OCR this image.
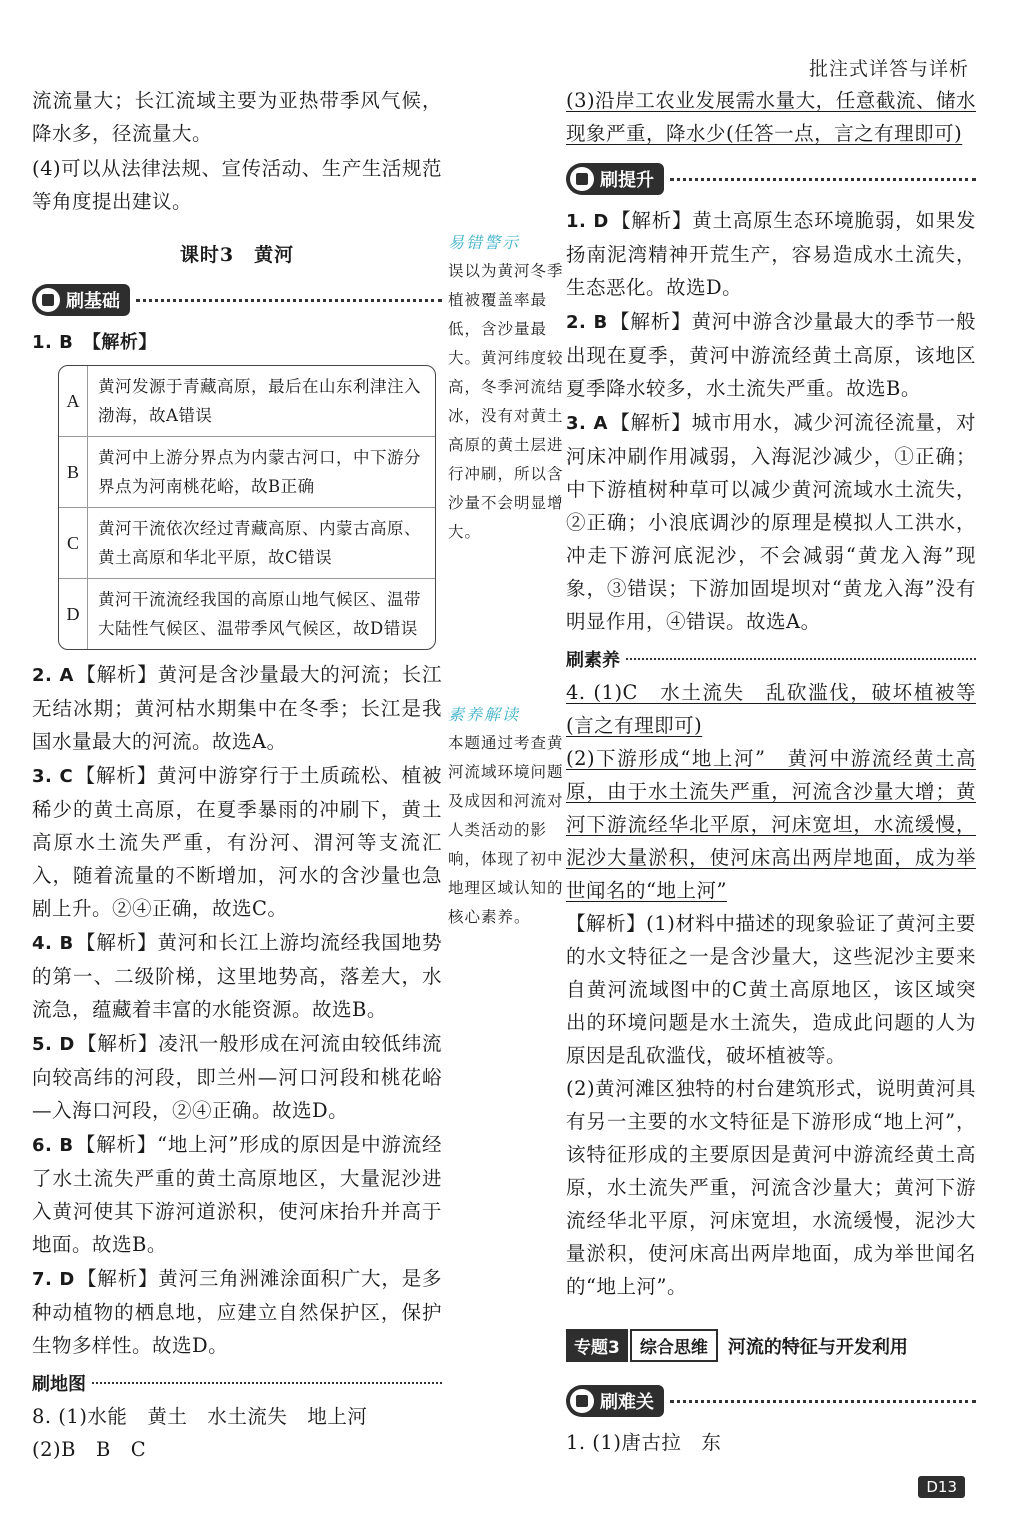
批注式详答与详析

流流量大；长江流域主要为亚热带季风气候，降水多，径流量大。

(4)可以从法律法规、宣传活动、生产生活规范等角度提出建议。

课时3　黄河
刷基础

1. B　【解析】

A
黄河发源于青藏高原，最后在山东利津注入渤海，故A错误
B
黄河中上游分界点为内蒙古河口，中下游分界点为河南桃花峪，故B正确
C
黄河干流依次经过青藏高原、内蒙古高原、黄土高原和华北平原，故C错误
D
黄河干流流经我国的高原山地气候区、温带大陆性气候区、温带季风气候区，故D错误

2. A 【解析】黄河是含沙量最大的河流；长江无结冰期；黄河枯水期集中在冬季；长江是我国水量最大的河流。故选A。

3. C 【解析】黄河中游穿行于土质疏松、植被稀少的黄土高原，在夏季暴雨的冲刷下，黄土高原水土流失严重，有汾河、渭河等支流汇入，随着流量的不断增加，河水的含沙量也急剧上升。②④正确，故选C。

4. B 【解析】黄河和长江上游均流经我国地势的第一、二级阶梯，这里地势高，落差大，水流急，蕴藏着丰富的水能资源。故选B。

5. D 【解析】凌汛一般形成在河流由较低纬流向较高纬的河段，即兰州—河口河段和桃花峪—入海口河段，②④正确。故选D。

6. B 【解析】“地上河”形成的原因是中游流经了水土流失严重的黄土高原地区，大量泥沙进入黄河使其下游河道淤积，使河床抬升并高于地面。故选B。

7. D 【解析】黄河三角洲滩涂面积广大，是多种动植物的栖息地，应建立自然保护区，保护生物多样性。故选D。

刷地图

8. (1)水能　黄土　水土流失　地上河

(2)B　B　C

易错警示
误以为黄河冬季植被覆盖率最低，含沙量最大。黄河纬度较高，冬季河流结冰，没有对黄土高原的黄土层进行冲刷，所以含沙量不会明显增大。
素养解读
本题通过考查黄河流域环境问题及成因和河流对人类活动的影响，体现了初中地理区域认知的核心素养。

(3)沿岸工农业发展需水量大，任意截流、储水现象严重，降水少(任答一点，言之有理即可)

刷提升

1. D 【解析】黄土高原生态环境脆弱，如果发扬南泥湾精神开荒生产，容易造成水土流失，生态恶化。故选D。

2. B 【解析】黄河中游含沙量最大的季节一般出现在夏季，黄河中游流经黄土高原，该地区夏季降水较多，水土流失严重。故选B。

3. A 【解析】城市用水，减少河流径流量，对河床冲刷作用减弱，入海泥沙减少，①正确；中下游植树种草可以减少黄河流域水土流失，②正确；小浪底调沙的原理是模拟人工洪水，冲走下游河底泥沙，不会减弱“黄龙入海”现象，③错误；下游加固堤坝对“黄龙入海”没有明显作用，④错误。故选A。

刷素养

4. (1)C　水土流失　乱砍滥伐，破坏植被等(言之有理即可)

(2)下游形成“地上河”　黄河中游流经黄土高原，由于水土流失严重，河流含沙量大增；黄河下游流经华北平原，河床宽坦，水流缓慢，泥沙大量淤积，使河床高出两岸地面，成为举世闻名的“地上河”

【解析】(1)材料中描述的现象验证了黄河主要的水文特征之一是含沙量大，这些泥沙主要来自黄河流域图中的C黄土高原地区，该区域突出的环境问题是水土流失，造成此问题的人为原因是乱砍滥伐，破坏植被等。

(2)黄河滩区独特的村台建筑形式，说明黄河具有另一主要的水文特征是下游形成“地上河”，该特征形成的主要原因是黄河中游流经黄土高原，水土流失严重，河流含沙量大；黄河下游流经华北平原，河床宽坦，水流缓慢，泥沙大量淤积，使河床高出两岸地面，成为举世闻名的“地上河”。

专题3	综合思维	河流的特征与开发利用
刷难关

1. (1)唐古拉　东

D13
